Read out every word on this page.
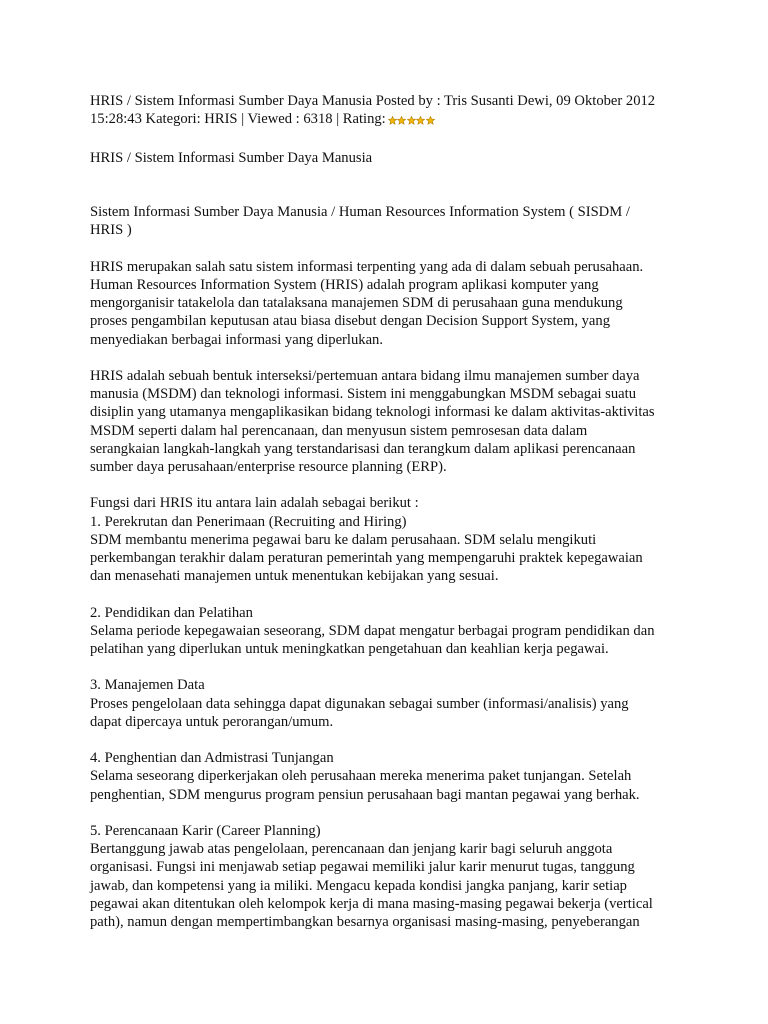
HRIS / Sistem Informasi Sumber Daya Manusia Posted by : Tris Susanti Dewi, 09 Oktober 2012
15:28:43 Kategori: HRIS | Viewed : 6318 | Rating:

HRIS / Sistem Informasi Sumber Daya Manusia

Sistem Informasi Sumber Daya Manusia / Human Resources Information System ( SISDM /
HRIS )

HRIS merupakan salah satu sistem informasi terpenting yang ada di dalam sebuah perusahaan.
Human Resources Information System (HRIS) adalah program aplikasi komputer yang
mengorganisir tatakelola dan tatalaksana manajemen SDM di perusahaan guna mendukung
proses pengambilan keputusan atau biasa disebut dengan Decision Support System, yang
menyediakan berbagai informasi yang diperlukan.

HRIS adalah sebuah bentuk interseksi/pertemuan antara bidang ilmu manajemen sumber daya
manusia (MSDM) dan teknologi informasi. Sistem ini menggabungkan MSDM sebagai suatu
disiplin yang utamanya mengaplikasikan bidang teknologi informasi ke dalam aktivitas-aktivitas
MSDM seperti dalam hal perencanaan, dan menyusun sistem pemrosesan data dalam
serangkaian langkah-langkah yang terstandarisasi dan terangkum dalam aplikasi perencanaan
sumber daya perusahaan/enterprise resource planning (ERP).

Fungsi dari HRIS itu antara lain adalah sebagai berikut :
1. Perekrutan dan Penerimaan (Recruiting and Hiring)
SDM membantu menerima pegawai baru ke dalam perusahaan. SDM selalu mengikuti
perkembangan terakhir dalam peraturan pemerintah yang mempengaruhi praktek kepegawaian
dan menasehati manajemen untuk menentukan kebijakan yang sesuai.

2. Pendidikan dan Pelatihan
Selama periode kepegawaian seseorang, SDM dapat mengatur berbagai program pendidikan dan
pelatihan yang diperlukan untuk meningkatkan pengetahuan dan keahlian kerja pegawai.

3. Manajemen Data
Proses pengelolaan data sehingga dapat digunakan sebagai sumber (informasi/analisis) yang
dapat dipercaya untuk perorangan/umum.

4. Penghentian dan Admistrasi Tunjangan
Selama seseorang diperkerjakan oleh perusahaan mereka menerima paket tunjangan. Setelah
penghentian, SDM mengurus program pensiun perusahaan bagi mantan pegawai yang berhak.

5. Perencanaan Karir (Career Planning)
Bertanggung jawab atas pengelolaan, perencanaan dan jenjang karir bagi seluruh anggota
organisasi. Fungsi ini menjawab setiap pegawai memiliki jalur karir menurut tugas, tanggung
jawab, dan kompetensi yang ia miliki. Mengacu kepada kondisi jangka panjang, karir setiap
pegawai akan ditentukan oleh kelompok kerja di mana masing-masing pegawai bekerja (vertical
path), namun dengan mempertimbangkan besarnya organisasi masing-masing, penyeberangan
